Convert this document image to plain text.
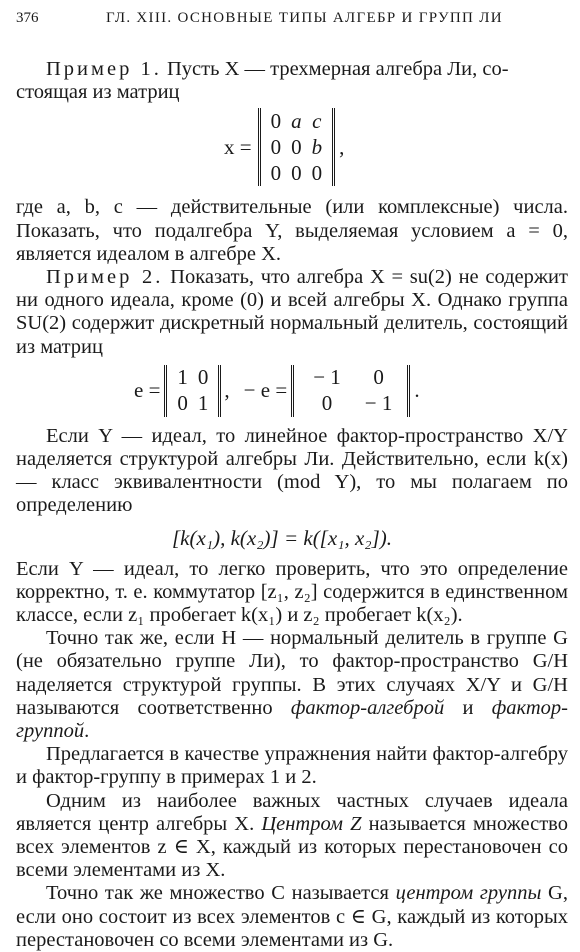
376	ГЛ. XIII. ОСНОВНЫЕ ТИПЫ АЛГЕБР И ГРУПП ЛИ

Пример 1. Пусть X — трехмерная алгебра Ли, со-

стоящая из матриц

x =
0	a	c
0	0	b
0	0	0
,

где a, b, c — действительные (или комплексные) числа. Показать, что подалгебра Y, выделяемая условием a = 0, является идеалом в алгебре X.

Пример 2. Показать, что алгебра X = su(2) не содержит ни одного идеала, кроме (0) и всей алгебры X. Однако группа SU(2) содержит дискретный нормальный делитель, состоящий из матриц

e =
1	0
0	1
, − e =
− 1	0
0	− 1
.

Если Y — идеал, то линейное фактор-пространство X/Y наделяется структурой алгебры Ли. Действительно, если k(x) — класс эквивалентности (mod Y), то мы полагаем по определению

[k(x₁), k(x₂)] = k([x₁, x₂]).

Если Y — идеал, то легко проверить, что это определение корректно, т. е. коммутатор [z₁, z₂] содержится в единственном классе, если z₁ пробегает k(x₁) и z₂ пробегает k(x₂).

Точно так же, если H — нормальный делитель в группе G (не обязательно группе Ли), то фактор-пространство G/H наделяется структурой группы. В этих случаях X/Y и G/H называются соответственно фактор-алгеброй и фактор-группой.

Предлагается в качестве упражнения найти фактор-алгебру и фактор-группу в примерах 1 и 2.

Одним из наиболее важных частных случаев идеала является центр алгебры X. Центром Z называется множество всех элементов z ∈ X, каждый из которых перестановочен со всеми элементами из X.

Точно так же множество C называется центром группы G, если оно состоит из всех элементов c ∈ G, каждый из которых перестановочен со всеми элементами из G.
